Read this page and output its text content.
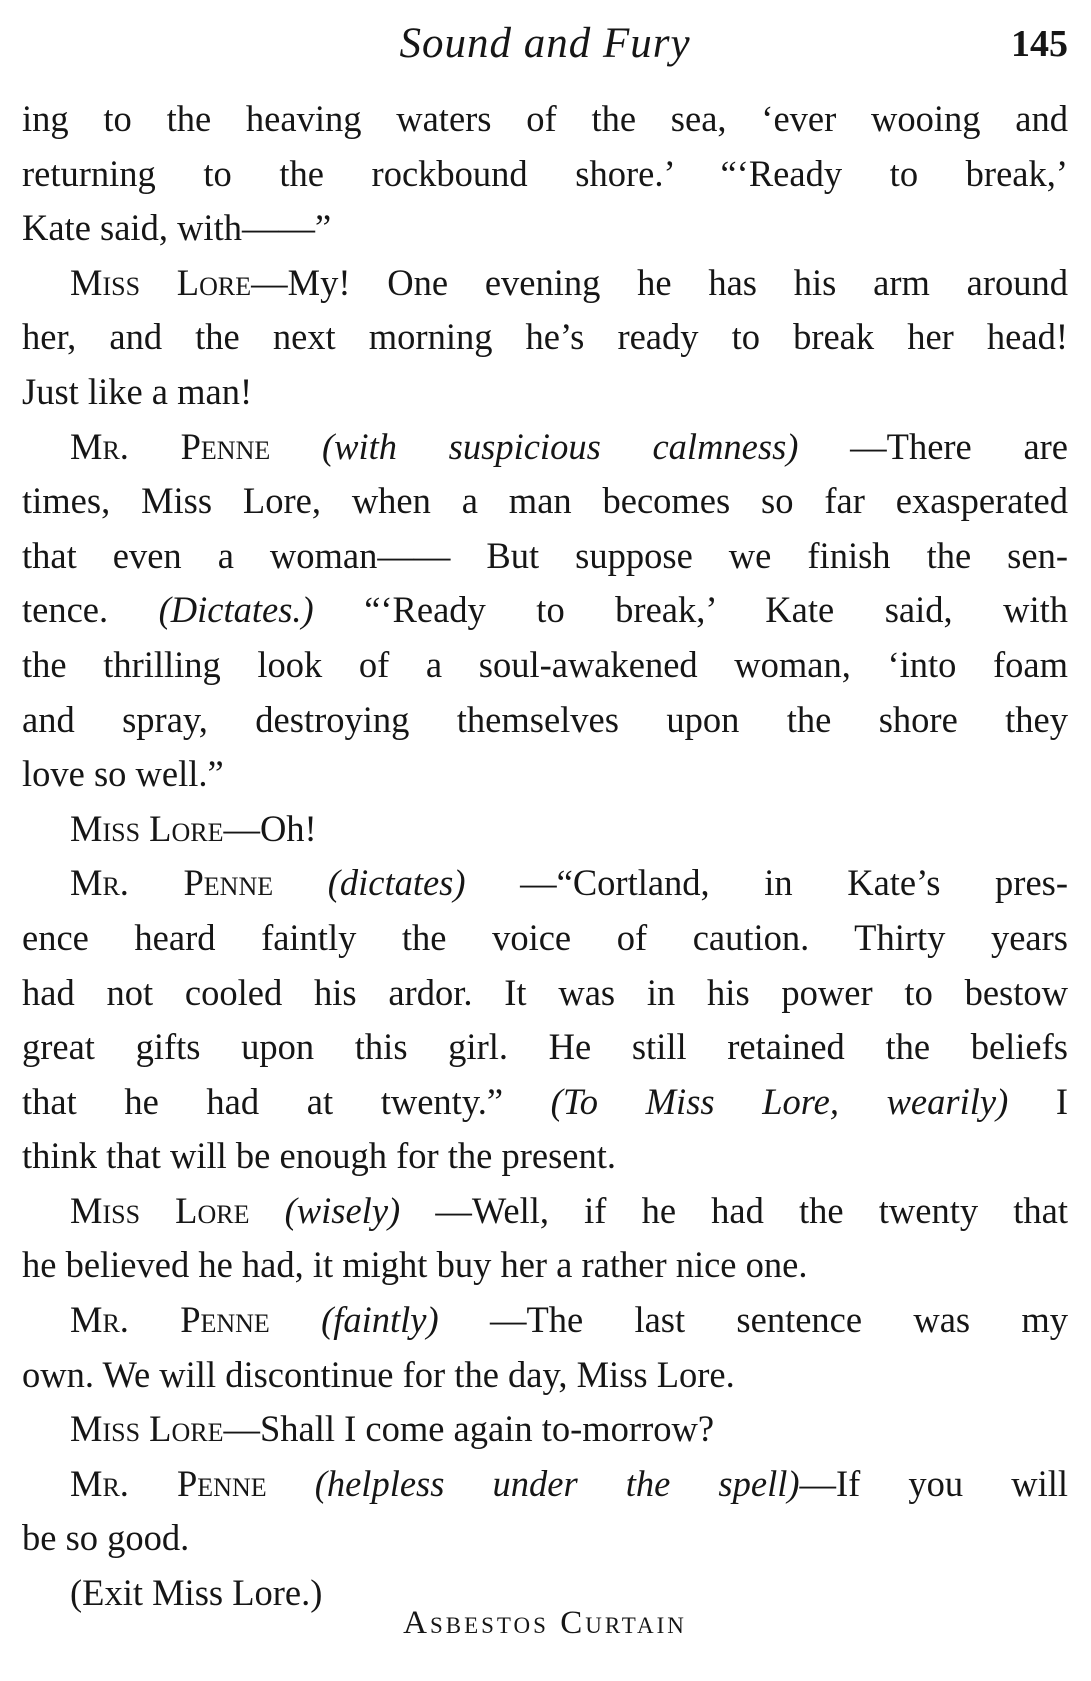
Sound and Fury	145
ing to the heaving waters of the sea, ‘ever wooing and
returning to the rockbound shore.’ “‘Ready to break,’
Kate said, with——”
Miss Lore—My! One evening he has his arm around
her, and the next morning he’s ready to break her head!
Just like a man!
Mr. Penne (with suspicious calmness) —There are
times, Miss Lore, when a man becomes so far exasperated
that even a woman—— But suppose we finish the sen-
tence. (Dictates.) “‘Ready to break,’ Kate said, with
the thrilling look of a soul-awakened woman, ‘into foam
and spray, destroying themselves upon the shore they
love so well.”
Miss Lore—Oh!
Mr. Penne (dictates) —“Cortland, in Kate’s pres-
ence heard faintly the voice of caution. Thirty years
had not cooled his ardor. It was in his power to bestow
great gifts upon this girl. He still retained the beliefs
that he had at twenty.” (To Miss Lore, wearily) I
think that will be enough for the present.
Miss Lore (wisely) —Well, if he had the twenty that
he believed he had, it might buy her a rather nice one.
Mr. Penne (faintly) —The last sentence was my
own. We will discontinue for the day, Miss Lore.
Miss Lore—Shall I come again to-morrow?
Mr. Penne (helpless under the spell)—If you will
be so good.
(Exit Miss Lore.)
Asbestos Curtain
